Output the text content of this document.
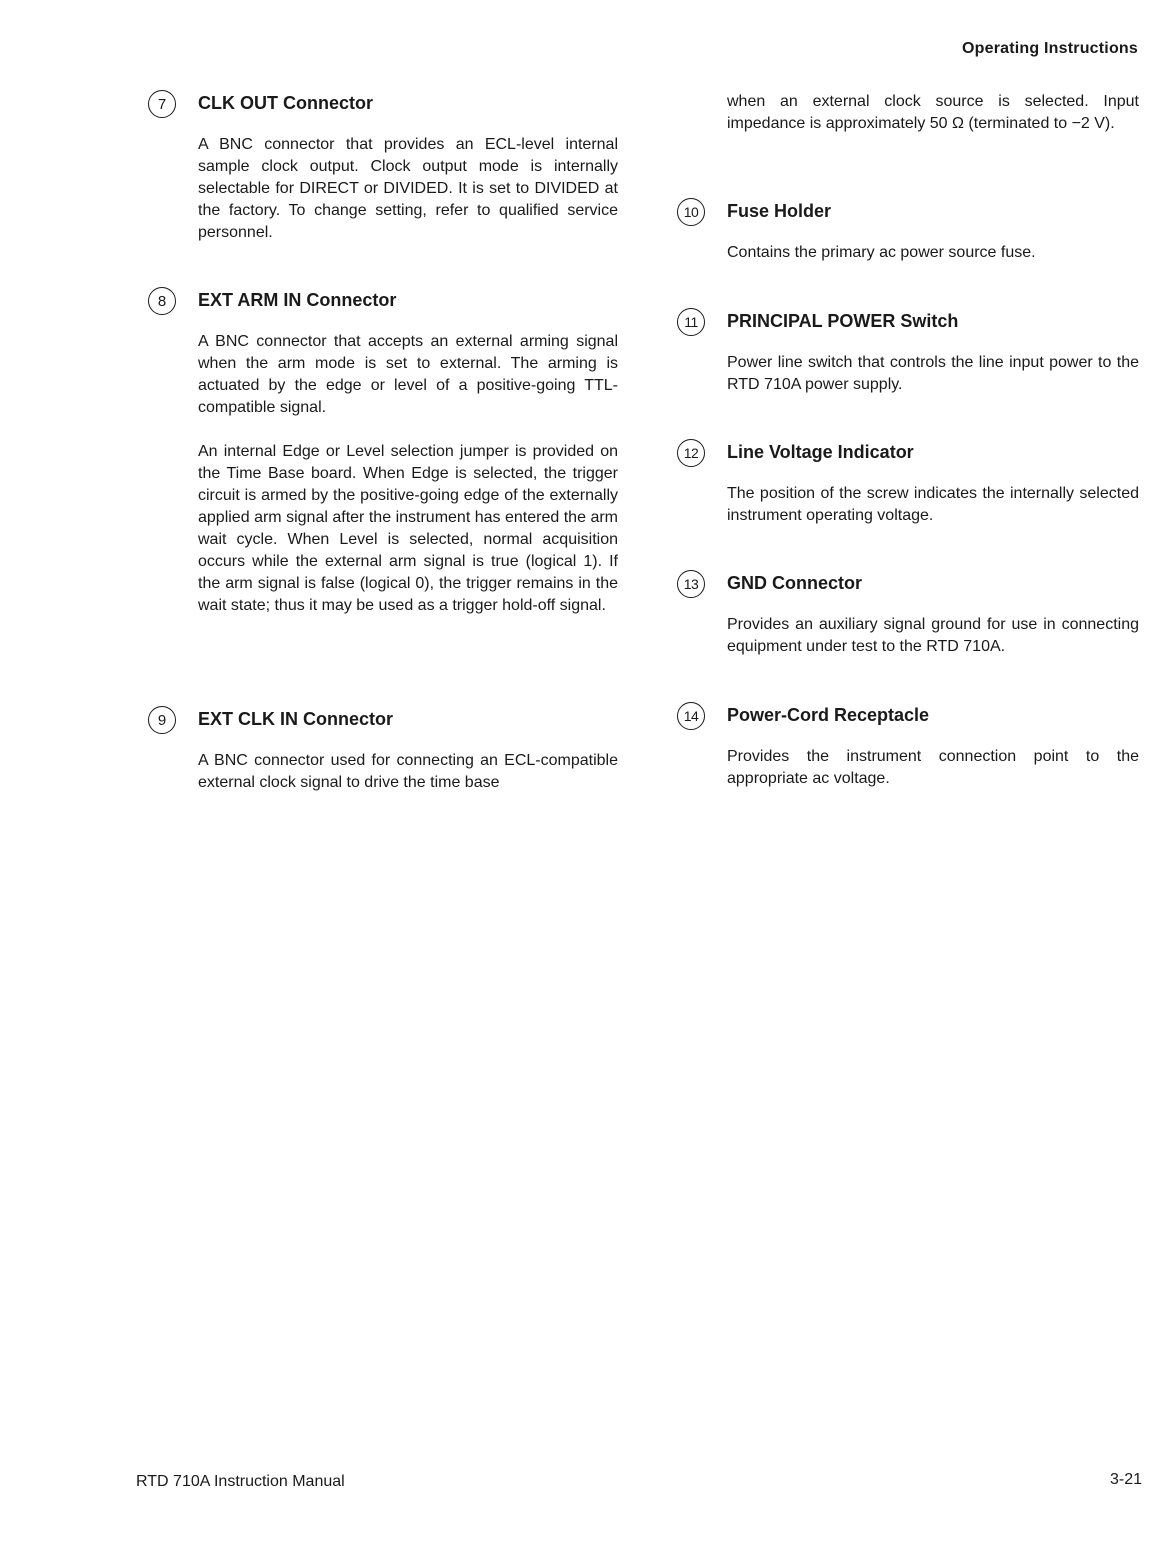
Operating Instructions
7	CLK OUT Connector

A BNC connector that provides an ECL-level internal sample clock output. Clock output mode is internally selectable for DIRECT or DIVIDED. It is set to DIVIDED at the factory. To change setting, refer to qualified service personnel.

8	EXT ARM IN Connector

A BNC connector that accepts an external arming signal when the arm mode is set to external. The arming is actuated by the edge or level of a positive-going TTL-compatible signal.

An internal Edge or Level selection jumper is provided on the Time Base board. When Edge is selected, the trigger circuit is armed by the positive-going edge of the externally applied arm signal after the instrument has entered the arm wait cycle. When Level is selected, normal acquisition occurs while the external arm signal is true (logical 1). If the arm signal is false (logical 0), the trigger remains in the wait state; thus it may be used as a trigger hold-off signal.

9	EXT CLK IN Connector

A BNC connector used for connecting an ECL-compatible external clock signal to drive the time base

when an external clock source is selected. Input impedance is approximately 50 Ω (terminated to −2 V).

10	Fuse Holder

Contains the primary ac power source fuse.

11	PRINCIPAL POWER Switch

Power line switch that controls the line input power to the RTD 710A power supply.

12	Line Voltage Indicator

The position of the screw indicates the internally selected instrument operating voltage.

13	GND Connector

Provides an auxiliary signal ground for use in connecting equipment under test to the RTD 710A.

14	Power-Cord Receptacle

Provides the instrument connection point to the appropriate ac voltage.

RTD 710A Instruction Manual	3-21
